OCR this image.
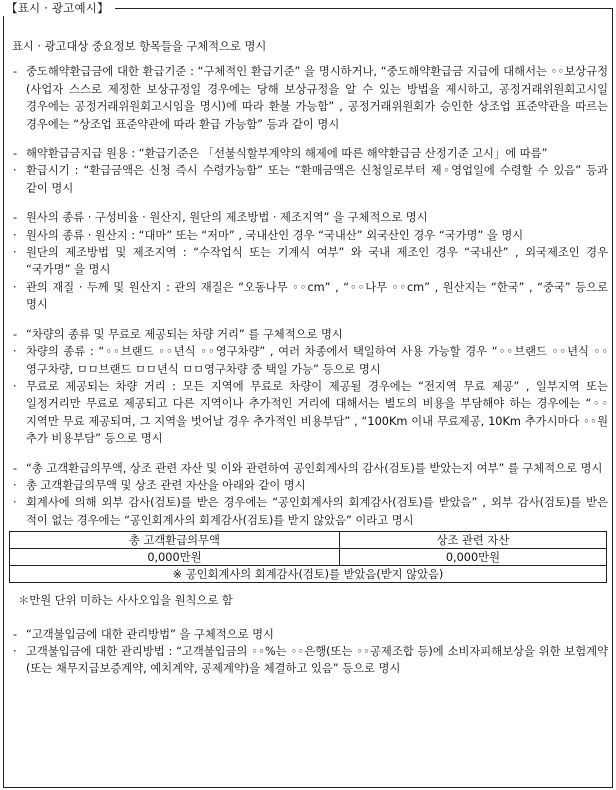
【표시 · 광고예시】
표시 · 광고대상 중요정보 항목들을 구체적으로 명시
- 중도해약환급금에 대한 환급기준 : “구체적인 환급기준” 을 명시하거나, “중도해약환급금 지급에 대해서는 ◦◦보상규정(사업자 스스로 제정한 보상규정일 경우에는 당해 보상규정을 알 수 있는 방법을 제시하고, 공정거래위원회고시일 경우에는 공정거래위원회고시임을 명시)에 따라 환불 가능함” , 공정거래위원회가 승인한 상조업 표준약관을 따르는 경우에는 “상조업 표준약관에 따라 환급 가능함” 등과 같이 명시
- 해약환급금지급 원용 : “환급기준은 「선불식할부계약의 해제에 따른 해약환급금 산정기준 고시」에 따름”
· 환급시기 : “환급금액은 신청 즉시 수령가능함” 또는 “환매금액은 신청일로부터 제◦영업일에 수령할 수 있음” 등과 같이 명시
- 원사의 종류 · 구성비율 · 원산지, 원단의 제조방법 · 제조지역” 을 구체적으로 명시
· 원사의 종류 · 원산지 : “대마” 또는 “저마” , 국내산인 경우 “국내산” 외국산인 경우 “국가명” 을 명시
· 원단의 제조방법 및 제조지역 : “수작업식 또는 기계식 여부” 와 국내 제조인 경우 “국내산” , 외국제조인 경우 “국가명” 을 명시
· 관의 재질 · 두께 및 원산지 : 관의 재질은 “오동나무 ◦◦cm” , “◦◦나무 ◦◦cm” , 원산지는 “한국” , “중국” 등으로 명시
- “차량의 종류 및 무료로 제공되는 차량 거리” 를 구체적으로 명시
· 차량의 종류 : “◦◦브랜드 ◦◦년식 ◦◦영구차량” , 여러 차종에서 택일하여 사용 가능할 경우 “◦◦브랜드 ◦◦년식 ◦◦영구차량, ㅁㅁ브랜드 ㅁㅁ년식 ㅁㅁ영구차량 중 택일 가능” 등으로 명시
· 무료로 제공되는 차량 거리 : 모든 지역에 무료로 차량이 제공될 경우에는 “전지역 무료 제공” , 일부지역 또는 일정거리만 무료로 제공되고 다른 지역이나 추가적인 거리에 대해서는 별도의 비용을 부담해야 하는 경우에는 “◦◦지역만 무료 제공되며, 그 지역을 벗어날 경우 추가적인 비용부담” , “100Km 이내 무료제공, 10Km 추가시마다 ◦◦원 추가 비용부담” 등으로 명시
- “총 고객환급의무액, 상조 관련 자산 및 이와 관련하여 공인회계사의 감사(검토)를 받았는지 여부” 를 구체적으로 명시
· 총 고객환급의무액 및 상조 관련 자산을 아래와 같이 명시
· 회계사에 의해 외부 감사(검토)를 받은 경우에는 “공인회계사의 회계감사(검토)를 받았음” , 외부 감사(검토)를 받은 적이 없는 경우에는 “공인회계사의 회계감사(검토)를 받지 않았음” 이라고 명시
총 고객환급의무액	상조 관련 자산
0,000만원	0,000만원
※ 공인회계사의 회계감사(검토)를 받았음(받지 않았음)	
＊만원 단위 미하는 사사오입을 원칙으로 함
- “고객불입금에 대한 관리방법” 을 구체적으로 명시
· 고객불입금에 대한 관리방법 : “고객불입금의 ◦◦%는 ◦◦은행(또는 ◦◦공제조합 등)에 소비자피해보상을 위한 보험계약(또는 채무지급보증계약, 예치계약, 공제계약)을 체결하고 있음” 등으로 명시
